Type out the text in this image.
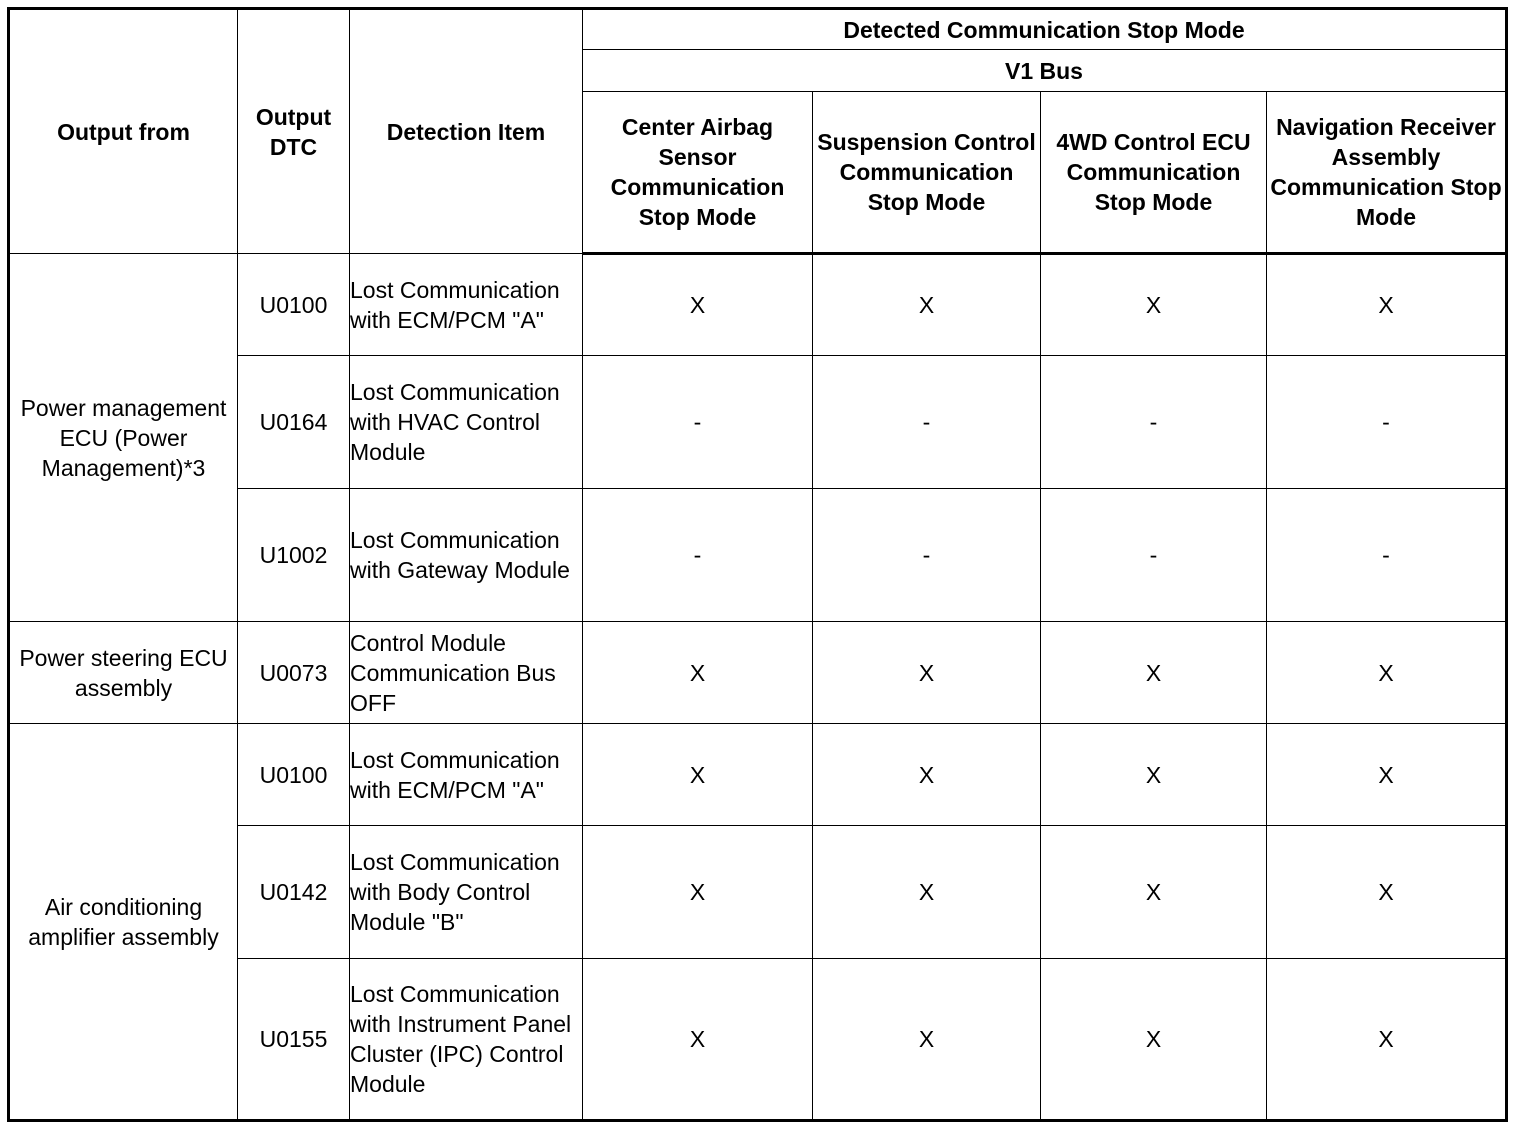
Output from	Output DTC	Detection Item	Detected Communication Stop Mode			
			V1 Bus			
			Center Airbag Sensor Communication Stop Mode	Suspension Control Communication Stop Mode	4WD Control ECU Communication Stop Mode	Navigation Receiver Assembly Communication Stop Mode
Power management ECU (Power Management)*3	U0100	Lost Communication with ECM/PCM "A"	X	X	X	X
	U0164	Lost Communication with HVAC Control Module	-	-	-	-
	U1002	Lost Communication with Gateway Module	-	-	-	-
Power steering ECU assembly	U0073	Control Module Communication Bus OFF	X	X	X	X
Air conditioning amplifier assembly	U0100	Lost Communication with ECM/PCM "A"	X	X	X	X
	U0142	Lost Communication with Body Control Module "B"	X	X	X	X
	U0155	Lost Communication with Instrument Panel Cluster (IPC) Control Module	X	X	X	X
